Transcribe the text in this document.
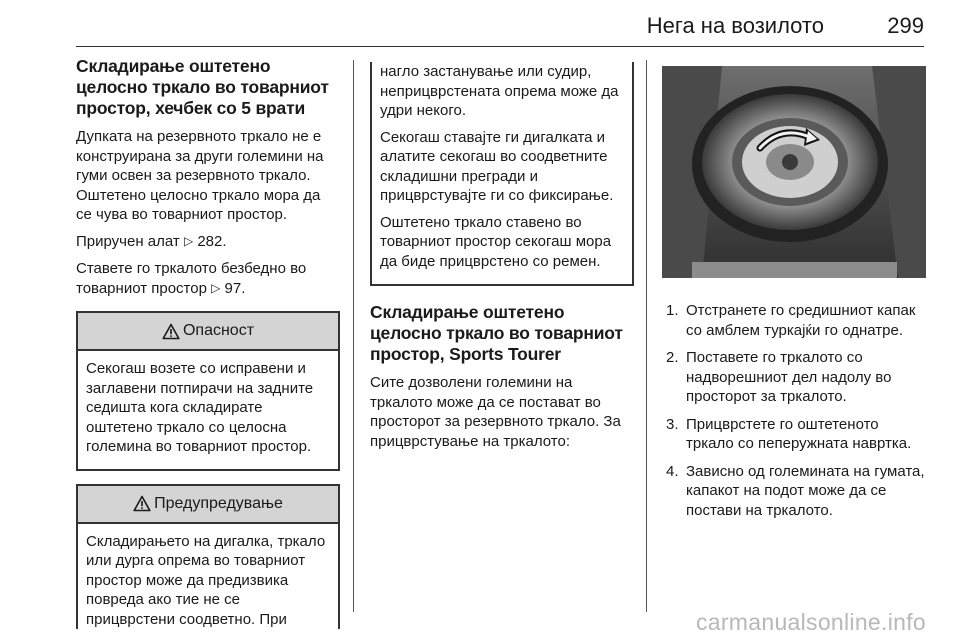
Нега на возилото	299
Складирање оштетено целосно тркало во товарниот простор, хечбек со 5 врати

Дупката на резервното тркало не е конструирана за други големини на гуми освен за резервното тркало. Оштетено целосно тркало мора да се чува во товарниот простор.

Приручен алат ▷ 282.

Ставете го тркалото безбедно во товарниот простор ▷ 97.

Опасност

Секогаш возете со исправени и заглавени потпирачи на задните седишта кога складирате оштетено тркало со целосна големина во товарниот простор.

Предупредување

Складирањето на дигалка, тркало или дурга опрема во товарниот простор може да предизвика повреда ако тие не се прицврстени соодветно. При

нагло застанување или судир, неприцврстената опрема може да удри некого.

Секогаш ставајте ги дигалката и алатите секогаш во соодветните складишни прегради и прицврстувајте ги со фиксирање.

Оштетено тркало ставено во товарниот простор секогаш мора да биде прицврстено со ремен.

Складирање оштетено целосно тркало во товарниот простор, Sports Tourer

Сите дозволени големини на тркалото може да се постават во просторот за резервното тркало. За прицврстување на тркалото:

1. Отстранете го средишниот капак со амблем туркајќи го однатре.
2. Поставете го тркалото со надворешниот дел надолу во просторот за тркалото.
3. Прицврстете го оштетеното тркало со пеперужната навртка.
4. Зависно од големината на гумата, капакот на подот може да се постави на тркалото.
carmanualsonline.info
